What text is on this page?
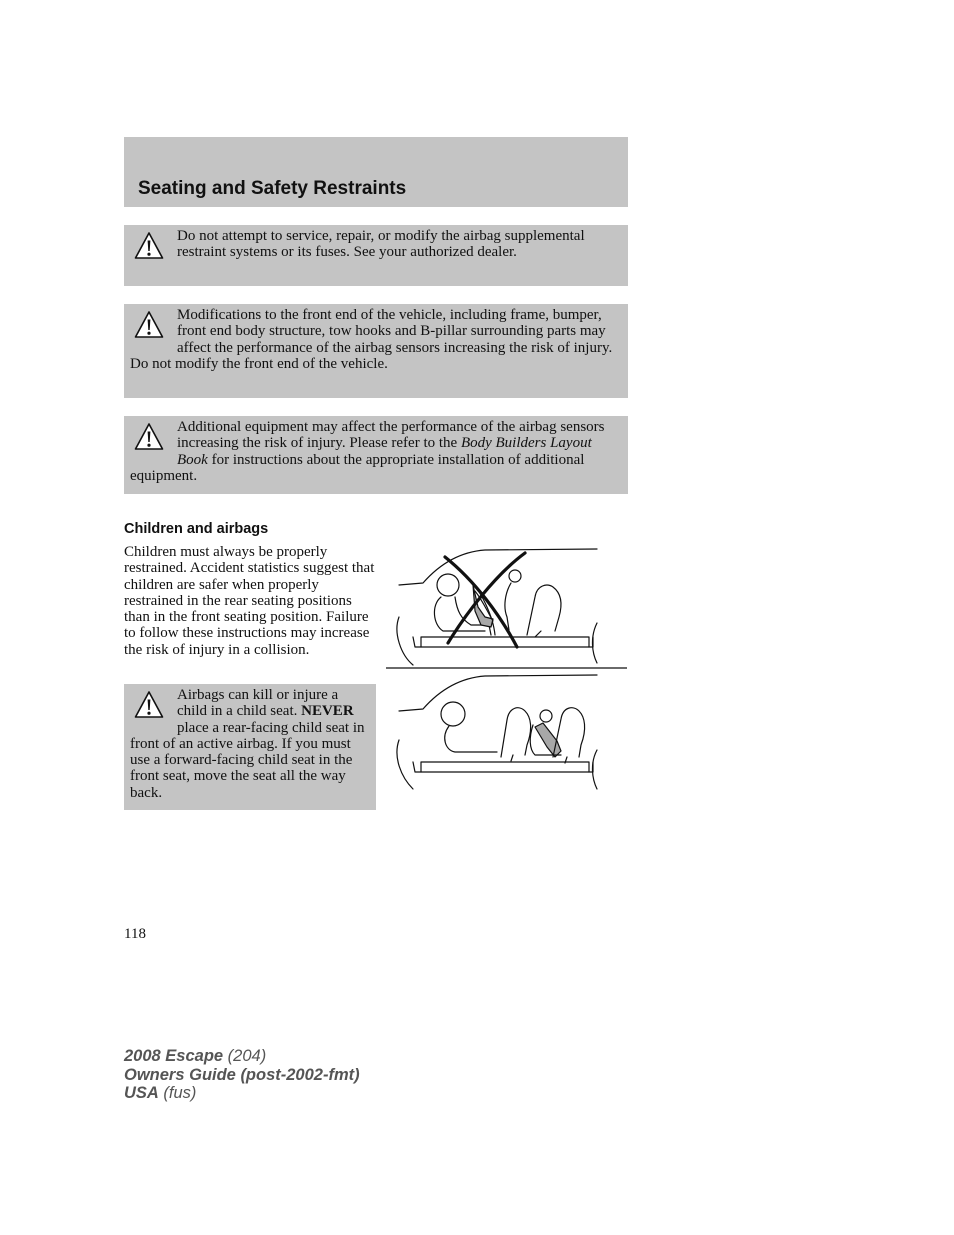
Seating and Safety Restraints

Do not attempt to service, repair, or modify the airbag supplemental restraint systems or its fuses. See your authorized dealer.

Modifications to the front end of the vehicle, including frame, bumper, front end body structure, tow hooks and B-pillar surrounding parts may affect the performance of the airbag sensors increasing the risk of injury. Do not modify the front end of the vehicle.

Additional equipment may affect the performance of the airbag sensors increasing the risk of injury. Please refer to the Body Builders Layout Book for instructions about the appropriate installation of additional equipment.

Children and airbags

Children must always be properly restrained. Accident statistics suggest that children are safer when properly restrained in the rear seating positions than in the front seating position. Failure to follow these instructions may increase the risk of injury in a collision.

Airbags can kill or injure a child in a child seat. NEVER place a rear-facing child seat in front of an active airbag. If you must use a forward-facing child seat in the front seat, move the seat all the way back.

118
2008 Escape (204)
Owners Guide (post-2002-fmt)
USA (fus)
